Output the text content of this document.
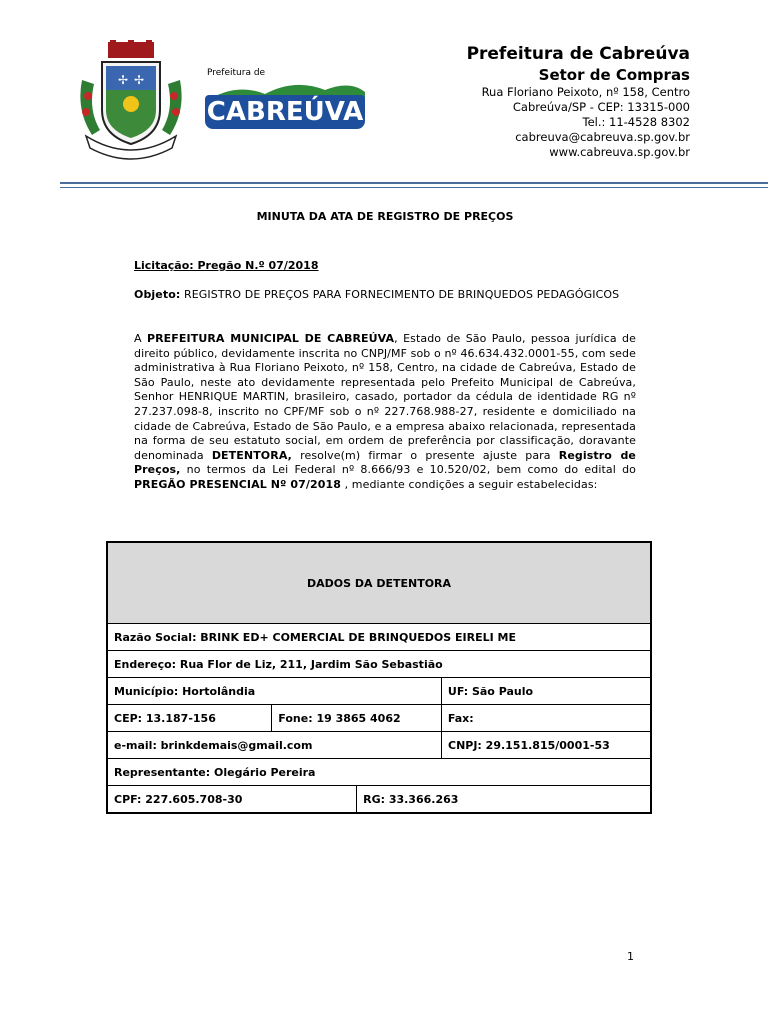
✢ ✢	Prefeitura de
CABREÚVA
Prefeitura de Cabreúva
Setor de Compras
Rua Floriano Peixoto, nº 158, Centro
Cabreúva/SP - CEP: 13315-000
Tel.: 11-4528 8302
cabreuva@cabreuva.sp.gov.br
www.cabreuva.sp.gov.br
MINUTA DA ATA DE REGISTRO DE PREÇOS
Licitação: Pregão N.º 07/2018
Objeto: REGISTRO DE PREÇOS PARA FORNECIMENTO DE BRINQUEDOS PEDAGÓGICOS
A PREFEITURA MUNICIPAL DE CABREÚVA, Estado de São Paulo, pessoa jurídica de direito público, devidamente inscrita no CNPJ/MF sob o nº 46.634.432.0001-55, com sede administrativa à Rua Floriano Peixoto, nº 158, Centro, na cidade de Cabreúva, Estado de São Paulo, neste ato devidamente representada pelo Prefeito Municipal de Cabreúva, Senhor HENRIQUE MARTIN, brasileiro, casado, portador da cédula de identidade RG nº 27.237.098-8, inscrito no CPF/MF sob o nº 227.768.988-27, residente e domiciliado na cidade de Cabreúva, Estado de São Paulo, e a empresa abaixo relacionada, representada na forma de seu estatuto social, em ordem de preferência por classificação, doravante denominada DETENTORA, resolve(m) firmar o presente ajuste para Registro de Preços, no termos da Lei Federal nº 8.666/93 e 10.520/02, bem como do edital do PREGÃO PRESENCIAL Nº 07/2018 , mediante condições a seguir estabelecidas:
DADOS DA DETENTORA			
Razão Social: BRINK ED+ COMERCIAL DE BRINQUEDOS EIRELI ME			
Endereço: Rua Flor de Liz, 211, Jardim São Sebastião			
Município: Hortolândia			UF: São Paulo
CEP: 13.187-156	Fone: 19 3865 4062		Fax:
e-mail: brinkdemais@gmail.com			CNPJ: 29.151.815/0001-53
Representante: Olegário Pereira			
CPF: 227.605.708-30		RG: 33.366.263	
1
